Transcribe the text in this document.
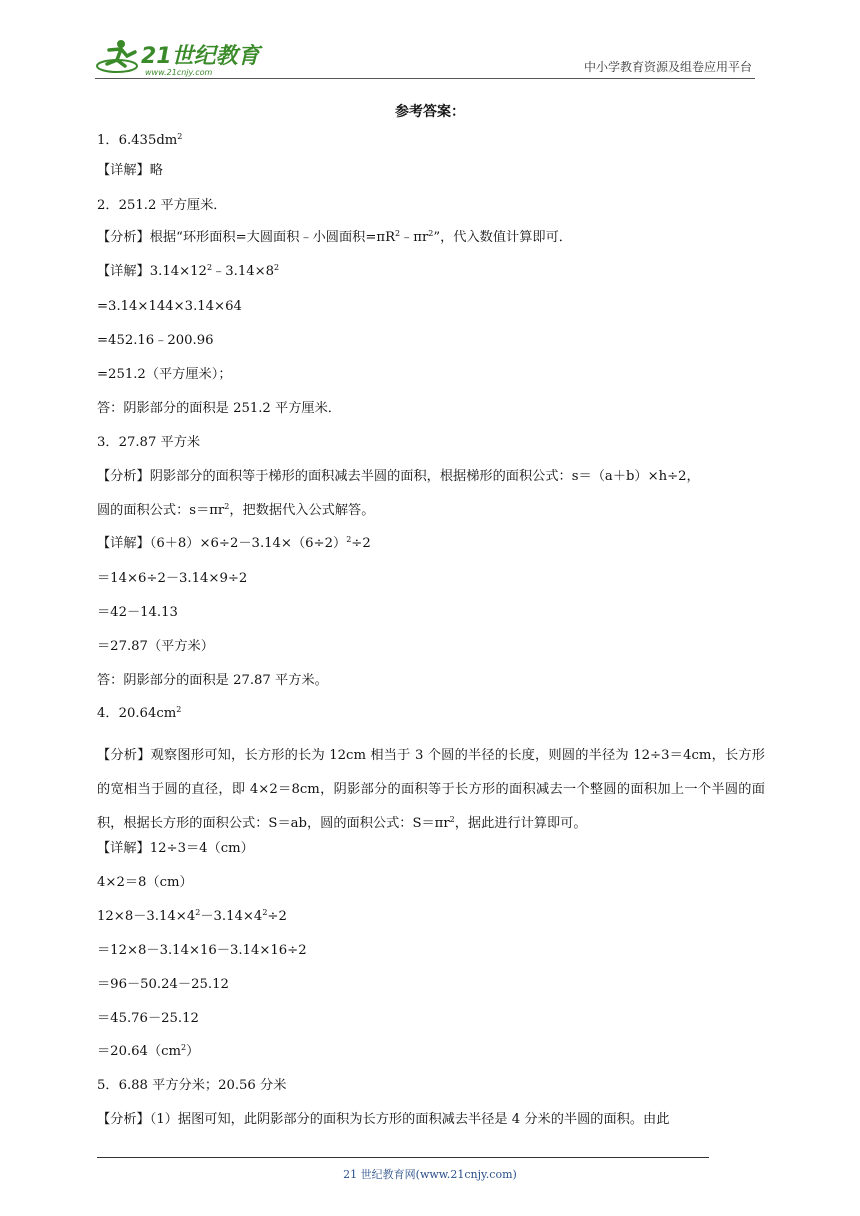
21世纪教育
www.21cnjy.com	中小学教育资源及组卷应用平台
参考答案：
1．$6.435dm^2$
【详解】略
2．251.2 平方厘米．
【分析】根据“环形面积=大圆面积﹣小圆面积$=\pi R^2﹣\pi r^2$”，代入数值计算即可．
【详解】$3.14\times 12^2﹣3.14\times 8^2$
=3.14×144×3.14×64
=452.16﹣200.96
=251.2（平方厘米）；
答：阴影部分的面积是 251.2 平方厘米．
3．27.87 平方米
【分析】阴影部分的面积等于梯形的面积减去半圆的面积，根据梯形的面积公式：s＝（a＋b）×h÷2，
圆的面积公式：$s=\pi r^2$，把数据代入公式解答。
【详解】$(6+8)\times 6\div 2-3.14\times(6\div 2)^2\div 2$
＝14×6÷2－3.14×9÷2
＝42－14.13
＝27.87（平方米）
答：阴影部分的面积是 27.87 平方米。
4．$20.64cm^2$
【分析】观察图形可知，长方形的长为 12cm 相当于 3 个圆的半径的长度，则圆的半径为 12÷3＝4cm，长方形的宽相当于圆的直径，即 4×2＝8cm，阴影部分的面积等于长方形的面积减去一个整圆的面积加上一个半圆的面积，根据长方形的面积公式：S＝ab，圆的面积公式：$S=\pi r^2$，据此进行计算即可。
【详解】12÷3＝4（cm）
4×2＝8（cm）
$12\times 8-3.14\times 4^2-3.14\times 4^2\div 2$
＝12×8－3.14×16－3.14×16÷2
＝96－50.24－25.12
＝45.76－25.12
$=20.64(cm^2)$
5．6.88 平方分米；20.56 分米
【分析】（1）据图可知，此阴影部分的面积为长方形的面积减去半径是 4 分米的半圆的面积。由此
21 世纪教育网(www.21cnjy.com)
